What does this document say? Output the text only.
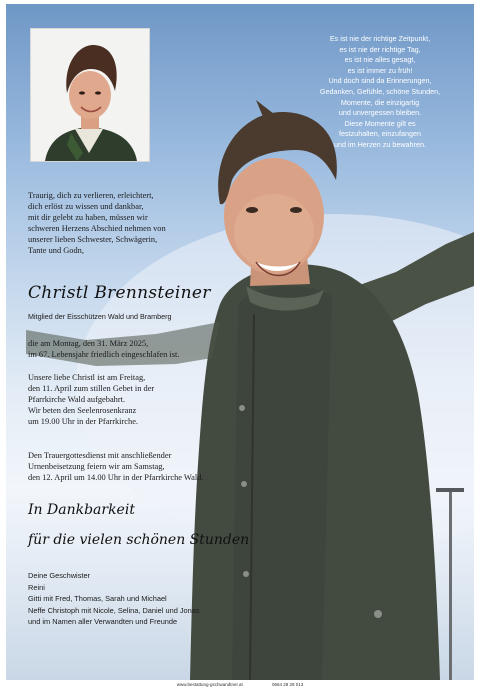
Es ist nie der richtige Zeitpunkt,
es ist nie der richtige Tag,
es ist nie alles gesagt,
es ist immer zu früh!
Und doch sind da Erinnerungen,
Gedanken, Gefühle, schöne Stunden,
Momente, die einzigartig
und unvergessen bleiben.
Diese Momente gilt es
festzuhalten, einzufangen
und im Herzen zu bewahren.
Traurig, dich zu verlieren, erleichtert,
dich erlöst zu wissen und dankbar,
mit dir gelebt zu haben, müssen wir
schweren Herzens Abschied nehmen von
unserer lieben Schwester, Schwägerin,
Tante und Godn,
Christl Brennsteiner
Mitglied der Eisschützen Wald und Bramberg
die am Montag, den 31. März 2025,
im 67. Lebensjahr friedlich eingeschlafen ist.
Unsere liebe Christl ist am Freitag,
den 11. April zum stillen Gebet in der
Pfarrkirche Wald aufgebahrt.
Wir beten den Seelenrosenkranz
um 19.00 Uhr in der Pfarrkirche.
Den Trauergottesdienst mit anschließender
Urnenbeisetzung feiern wir am Samstag,
den 12. April um 14.00 Uhr in der Pfarrkirche Wald.
In Dankbarkeit
für die vielen schönen Stunden
Deine Geschwister
Reini
Gitti mit Fred, Thomas, Sarah und Michael
Neffe Christoph mit Nicole, Selina, Daniel und Jonas
und im Namen aller Verwandten und Freunde
www.bestattung-gschwandtner.at	0664 28 28 013
